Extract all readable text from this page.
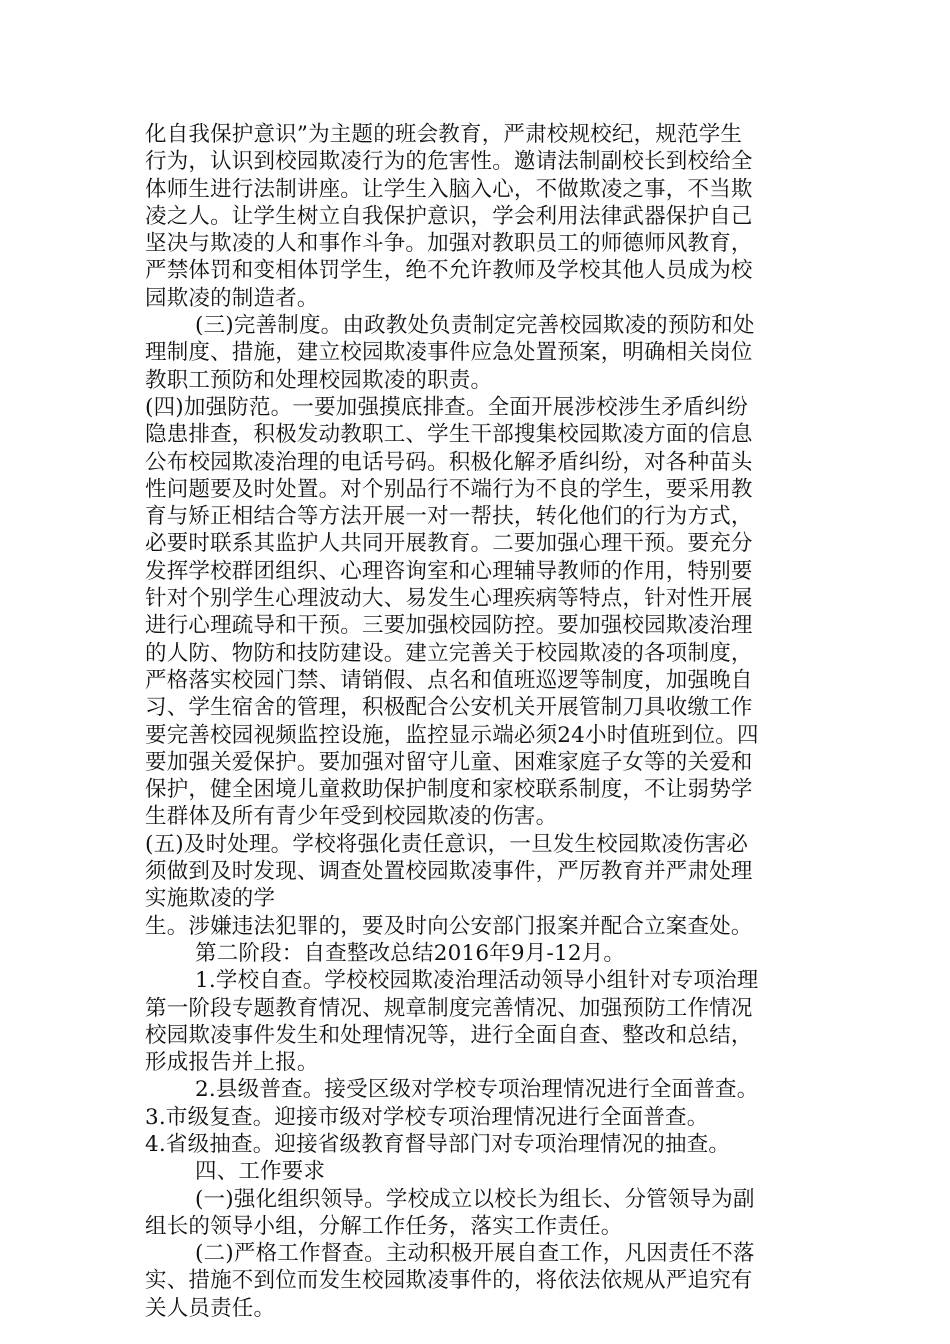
化自我保护意识”为主题的班会教育，严肃校规校纪，规范学生
行为，认识到校园欺凌行为的危害性。邀请法制副校长到校给全
体师生进行法制讲座。让学生入脑入心，不做欺凌之事，不当欺
凌之人。让学生树立自我保护意识，学会利用法律武器保护自己
坚决与欺凌的人和事作斗争。加强对教职员工的师德师风教育，
严禁体罚和变相体罚学生，绝不允许教师及学校其他人员成为校
园欺凌的制造者。
(三)完善制度。由政教处负责制定完善校园欺凌的预防和处
理制度、措施，建立校园欺凌事件应急处置预案，明确相关岗位
教职工预防和处理校园欺凌的职责。
(四)加强防范。一要加强摸底排查。全面开展涉校涉生矛盾纠纷
隐患排查，积极发动教职工、学生干部搜集校园欺凌方面的信息
公布校园欺凌治理的电话号码。积极化解矛盾纠纷，对各种苗头
性问题要及时处置。对个别品行不端行为不良的学生，要采用教
育与矫正相结合等方法开展一对一帮扶，转化他们的行为方式，
必要时联系其监护人共同开展教育。二要加强心理干预。要充分
发挥学校群团组织、心理咨询室和心理辅导教师的作用，特别要
针对个别学生心理波动大、易发生心理疾病等特点，针对性开展
进行心理疏导和干预。三要加强校园防控。要加强校园欺凌治理
的人防、物防和技防建设。建立完善关于校园欺凌的各项制度，
严格落实校园门禁、请销假、点名和值班巡逻等制度，加强晚自
习、学生宿舍的管理，积极配合公安机关开展管制刀具收缴工作
要完善校园视频监控设施，监控显示端必须24小时值班到位。四
要加强关爱保护。要加强对留守儿童、困难家庭子女等的关爱和
保护，健全困境儿童救助保护制度和家校联系制度，不让弱势学
生群体及所有青少年受到校园欺凌的伤害。
(五)及时处理。学校将强化责任意识，一旦发生校园欺凌伤害必
须做到及时发现、调查处置校园欺凌事件，严厉教育并严肃处理
实施欺凌的学
生。涉嫌违法犯罪的，要及时向公安部门报案并配合立案查处。
第二阶段：自查整改总结2016年9月-12月。
1.学校自查。学校校园欺凌治理活动领导小组针对专项治理
第一阶段专题教育情况、规章制度完善情况、加强预防工作情况
校园欺凌事件发生和处理情况等，进行全面自查、整改和总结，
形成报告并上报。
2.县级普查。接受区级对学校专项治理情况进行全面普查。
3.市级复查。迎接市级对学校专项治理情况进行全面普查。
4.省级抽查。迎接省级教育督导部门对专项治理情况的抽查。
四、工作要求
(一)强化组织领导。学校成立以校长为组长、分管领导为副
组长的领导小组，分解工作任务，落实工作责任。
(二)严格工作督查。主动积极开展自查工作，凡因责任不落
实、措施不到位而发生校园欺凌事件的，将依法依规从严追究有
关人员责任。
